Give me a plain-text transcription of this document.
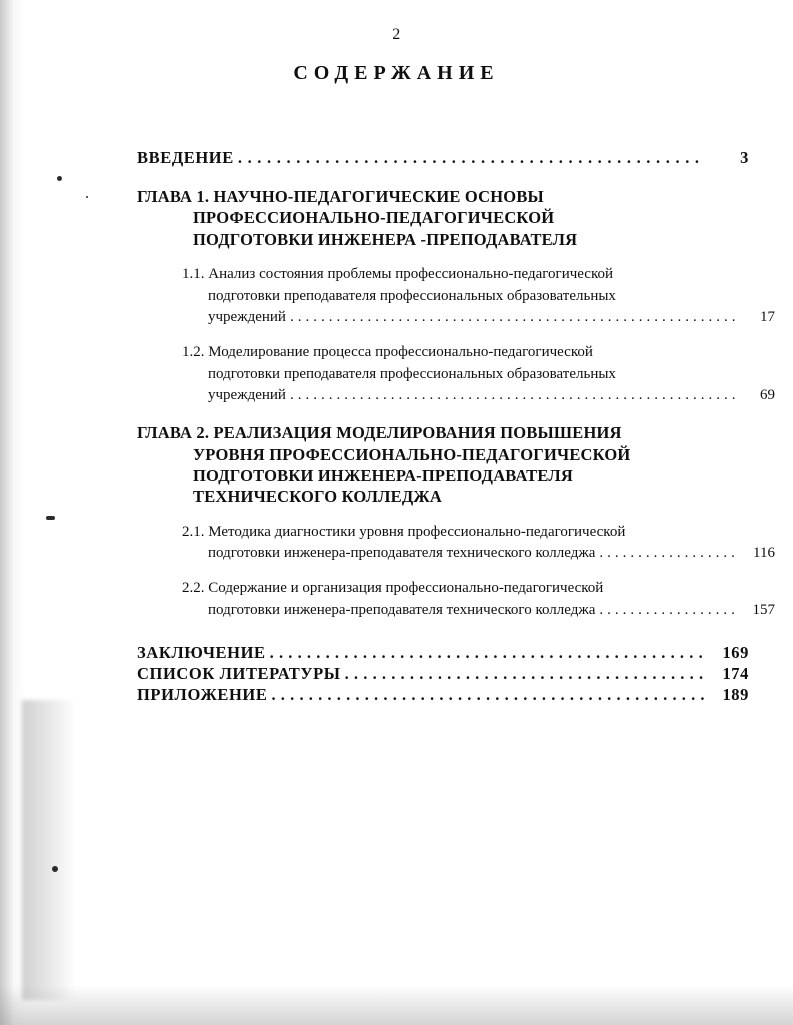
2
СОДЕРЖАНИЕ
ВВЕДЕНИЕ .....	3
ГЛАВА 1. НАУЧНО-ПЕДАГОГИЧЕСКИЕ ОСНОВЫ
ПРОФЕССИОНАЛЬНО-ПЕДАГОГИЧЕСКОЙ
ПОДГОТОВКИ ИНЖЕНЕРА -ПРЕПОДАВАТЕЛЯ
1.1. Анализ состояния проблемы профессионально-педагогической
подготовки преподавателя профессиональных образовательных
учреждений .....	17
1.2. Моделирование процесса профессионально-педагогической
подготовки преподавателя профессиональных образовательных
учреждений .....	69
ГЛАВА 2. РЕАЛИЗАЦИЯ МОДЕЛИРОВАНИЯ ПОВЫШЕНИЯ
УРОВНЯ ПРОФЕССИОНАЛЬНО-ПЕДАГОГИЧЕСКОЙ
ПОДГОТОВКИ ИНЖЕНЕРА-ПРЕПОДАВАТЕЛЯ
ТЕХНИЧЕСКОГО КОЛЛЕДЖА
2.1. Методика диагностики уровня профессионально-педагогической
подготовки инженера-преподавателя технического колледжа .....	116
2.2. Содержание и организация профессионально-педагогической
подготовки инженера-преподавателя технического колледжа .....	157
ЗАКЛЮЧЕНИЕ .....	169
СПИСОК ЛИТЕРАТУРЫ .....	174
ПРИЛОЖЕНИЕ .....	189
